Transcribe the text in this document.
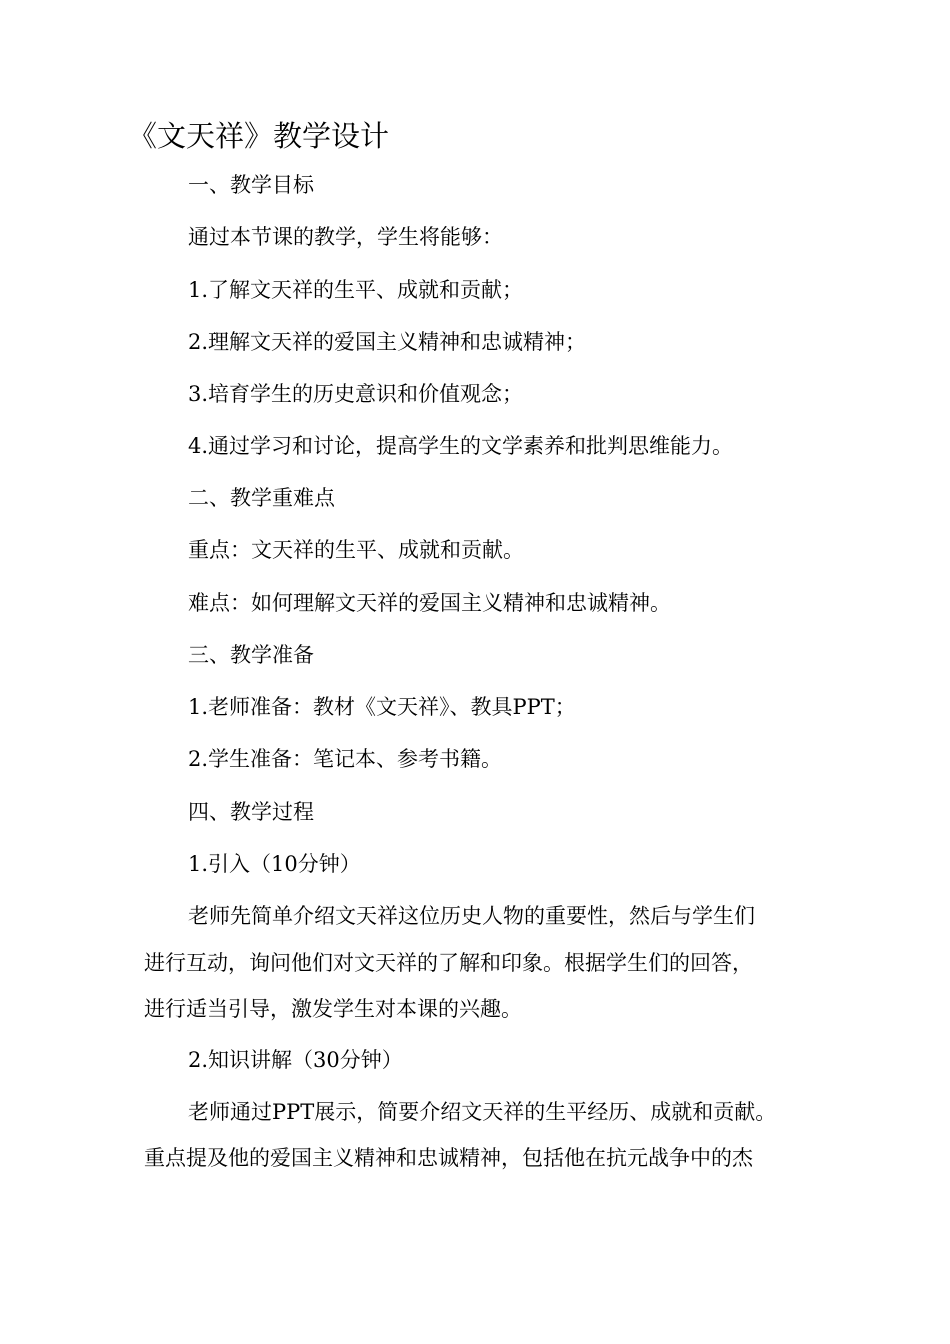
《文天祥》教学设计
一、教学目标
通过本节课的教学，学生将能够：
1.了解文天祥的生平、成就和贡献；
2.理解文天祥的爱国主义精神和忠诚精神；
3.培育学生的历史意识和价值观念；
4.通过学习和讨论，提高学生的文学素养和批判思维能力。
二、教学重难点
重点：文天祥的生平、成就和贡献。
难点：如何理解文天祥的爱国主义精神和忠诚精神。
三、教学准备
1.老师准备：教材《文天祥》、教具PPT；
2.学生准备：笔记本、参考书籍。
四、教学过程
1.引入（10分钟）
老师先简单介绍文天祥这位历史人物的重要性，然后与学生们
进行互动，询问他们对文天祥的了解和印象。根据学生们的回答，
进行适当引导，激发学生对本课的兴趣。
2.知识讲解（30分钟）
老师通过PPT展示，简要介绍文天祥的生平经历、成就和贡献。
重点提及他的爱国主义精神和忠诚精神，包括他在抗元战争中的杰
